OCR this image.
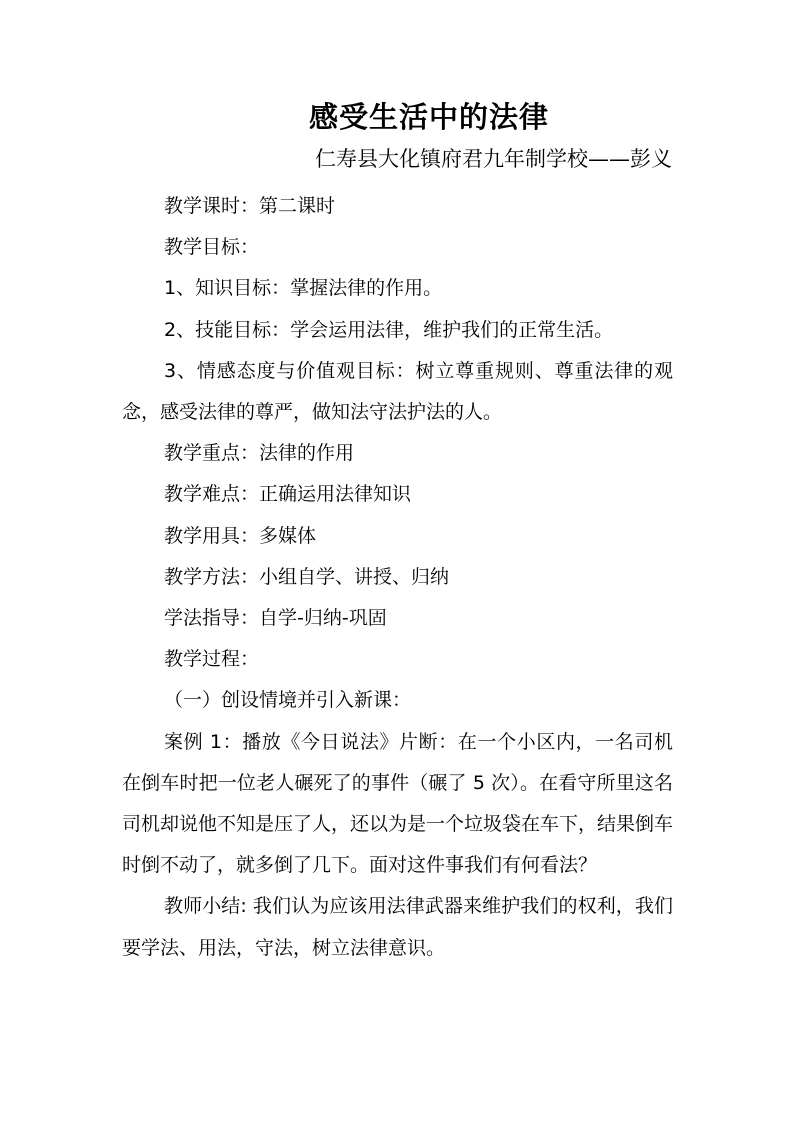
感受生活中的法律
仁寿县大化镇府君九年制学校——彭义

教学课时：第二课时

教学目标：

1、知识目标：掌握法律的作用。

2、技能目标：学会运用法律，维护我们的正常生活。

3、情感态度与价值观目标：树立尊重规则、尊重法律的观念，感受法律的尊严，做知法守法护法的人。

教学重点：法律的作用

教学难点：正确运用法律知识

教学用具：多媒体

教学方法：小组自学、讲授、归纳

学法指导：自学-归纳-巩固

教学过程：

（一）创设情境并引入新课：

案例 1：播放《今日说法》片断：在一个小区内，一名司机在倒车时把一位老人碾死了的事件（碾了 5 次）。在看守所里这名司机却说他不知是压了人，还以为是一个垃圾袋在车下，结果倒车时倒不动了，就多倒了几下。面对这件事我们有何看法？

教师小结: 我们认为应该用法律武器来维护我们的权利，我们要学法、用法，守法，树立法律意识。
